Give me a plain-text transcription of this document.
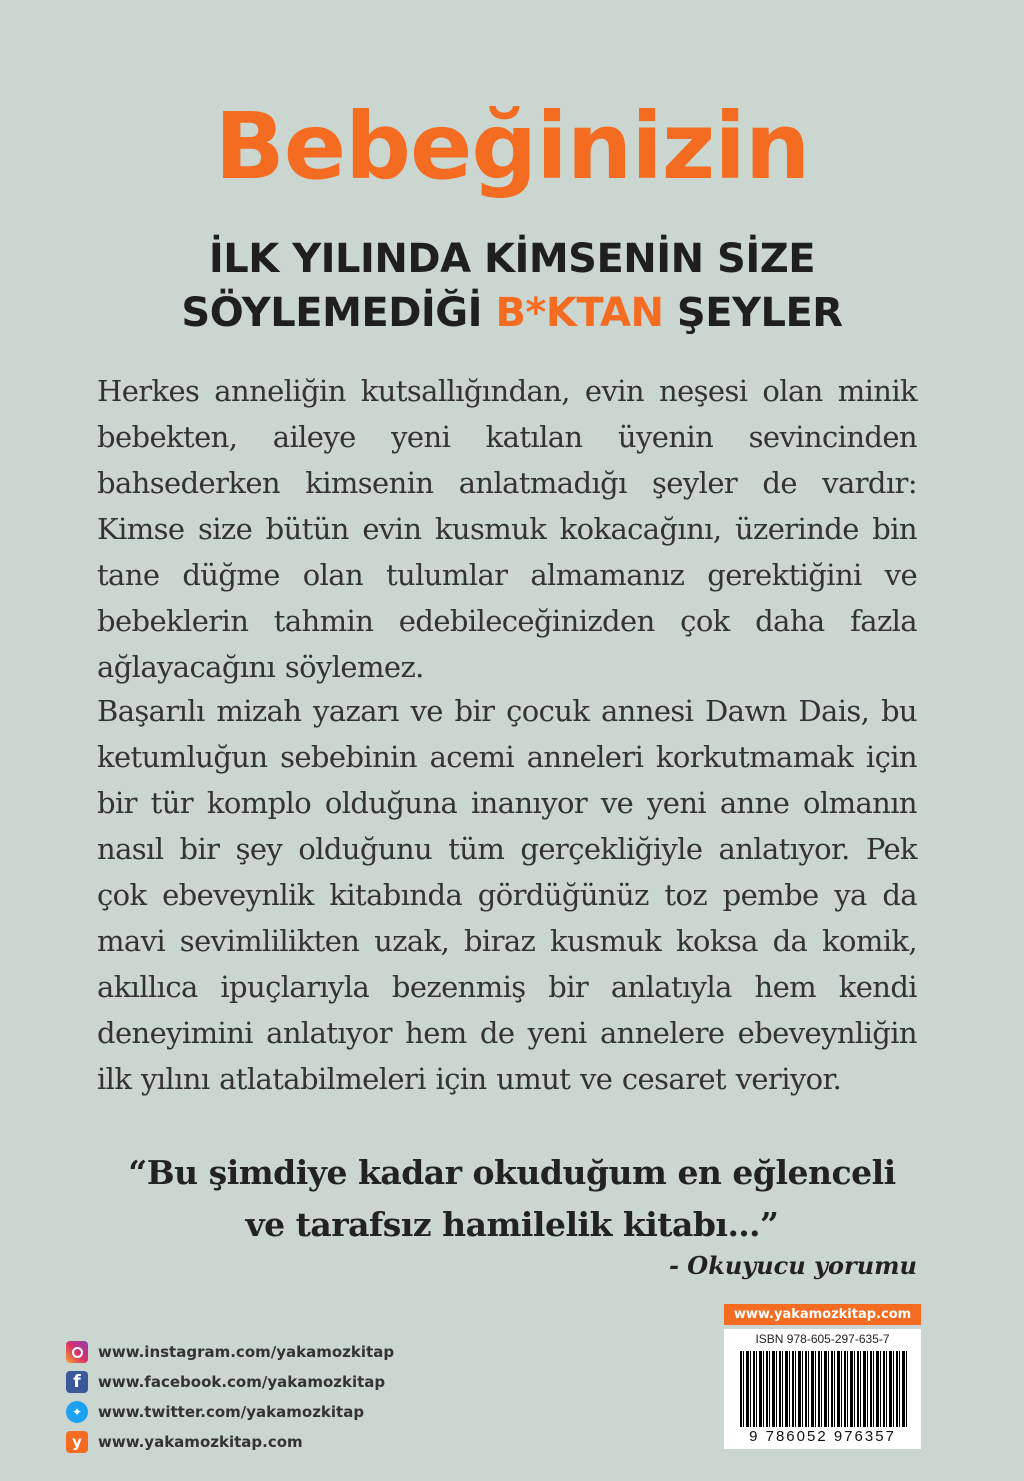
Bebeğinizin
İLK YILINDA KİMSENİN SİZE
SÖYLEMEDİĞİ B*KTAN ŞEYLER
Herkes anneliğin kutsallığından, evin neşesi olan minik bebekten, aileye yeni katılan üyenin sevincinden bahsederken kimsenin anlatmadığı şeyler de vardır: Kimse size bütün evin kusmuk kokacağını, üzerinde bin tane düğme olan tulumlar almamanız gerektiğini ve bebeklerin tahmin edebileceğinizden çok daha fazla ağlayacağını söylemez.
Başarılı mizah yazarı ve bir çocuk annesi Dawn Dais, bu ketumluğun sebebinin acemi anneleri korkutmamak için bir tür komplo olduğuna inanıyor ve yeni anne olmanın nasıl bir şey olduğunu tüm gerçekliğiyle anlatıyor. Pek çok ebeveynlik kitabında gördüğünüz toz pembe ya da mavi sevimlilikten uzak, biraz kusmuk koksa da komik, akıllıca ipuçlarıyla bezenmiş bir anlatıyla hem kendi deneyimini anlatıyor hem de yeni annelere ebeveynliğin ilk yılını atlatabilmeleri için umut ve cesaret veriyor.
“Bu şimdiye kadar okuduğum en eğlenceli
ve tarafsız hamilelik kitabı…”
- Okuyucu yorumu
www.instagram.com/yakamozkitap
f	www.facebook.com/yakamozkitap
✦	www.twitter.com/yakamozkitap
y	www.yakamozkitap.com
www.yakamozkitap.com
ISBN 978-605-297-635-7
9 786052 976357
